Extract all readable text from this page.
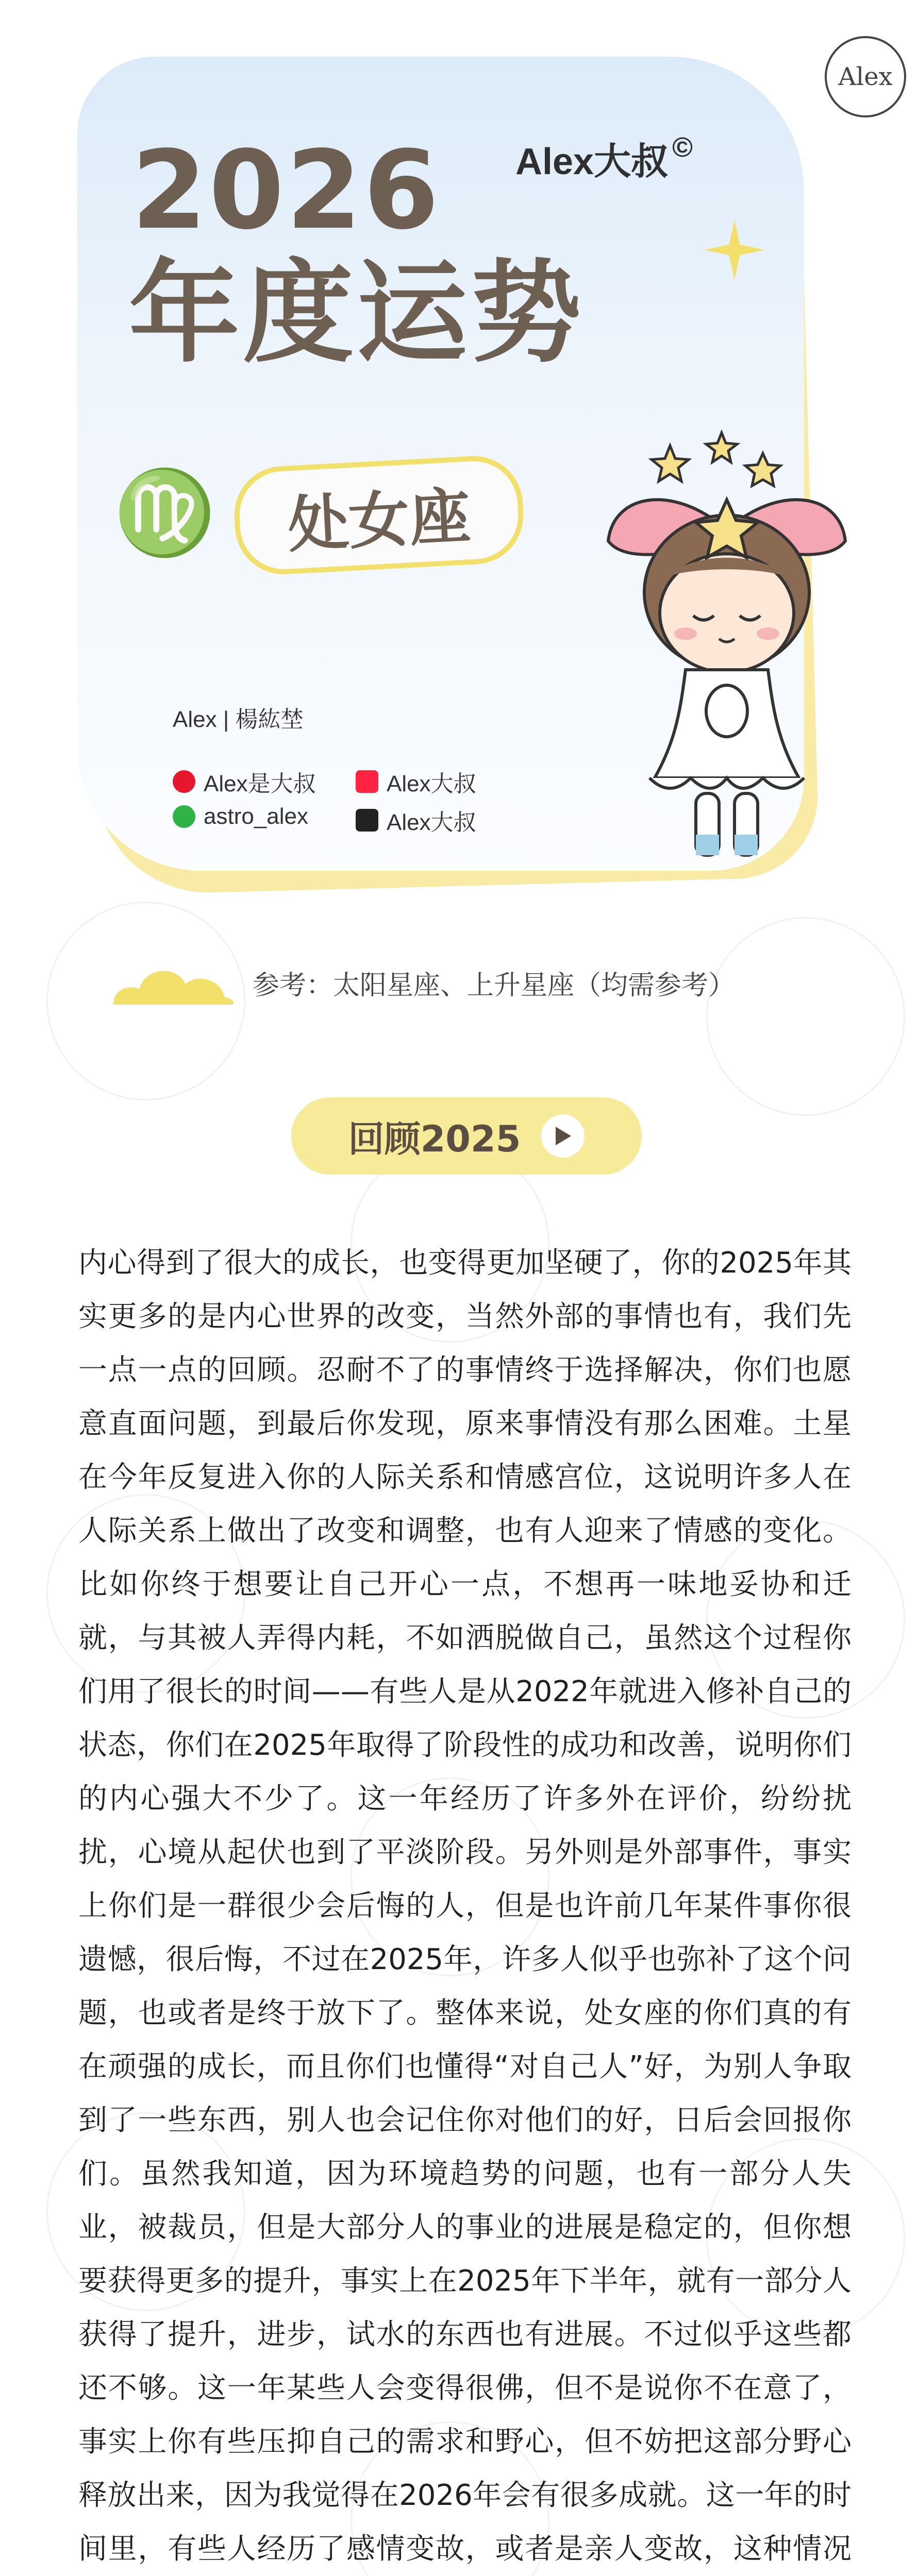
Alex
Alex大叔 ©
2026
年度运势
♍ 处女座
Alex | 楊紘埜
Alex是大叔	Alex大叔
astro_alex	Alex大叔
参考：太阳星座、上升星座（均需参考）
回顾2025

内心得到了很大的成长，也变得更加坚硬了，你的2025年其实更多的是内心世界的改变，当然外部的事情也有，我们先一点一点的回顾。忍耐不了的事情终于选择解决，你们也愿意直面问题，到最后你发现，原来事情没有那么困难。土星在今年反复进入你的人际关系和情感宫位，这说明许多人在人际关系上做出了改变和调整，也有人迎来了情感的变化。比如你终于想要让自己开心一点，不想再一味地妥协和迁就，与其被人弄得内耗，不如洒脱做自己，虽然这个过程你们用了很长的时间——有些人是从2022年就进入修补自己的状态，你们在2025年取得了阶段性的成功和改善，说明你们的内心强大不少了。这一年经历了许多外在评价，纷纷扰扰，心境从起伏也到了平淡阶段。另外则是外部事件，事实上你们是一群很少会后悔的人，但是也许前几年某件事你很遗憾，很后悔，不过在2025年，许多人似乎也弥补了这个问题，也或者是终于放下了。整体来说，处女座的你们真的有在顽强的成长，而且你们也懂得“对自己人”好，为别人争取到了一些东西，别人也会记住你对他们的好，日后会回报你们。虽然我知道，因为环境趋势的问题，也有一部分人失业，被裁员，但是大部分人的事业的进展是稳定的，但你想要获得更多的提升，事实上在2025年下半年，就有一部分人获得了提升，进步，试水的东西也有进展。不过似乎这些都还不够。这一年某些人会变得很佛，但不是说你不在意了，事实上你有些压抑自己的需求和野心，但不妨把这部分野心释放出来，因为我觉得在2026年会有很多成就。这一年的时间里，有些人经历了感情变故，或者是亲人变故，这种情况
